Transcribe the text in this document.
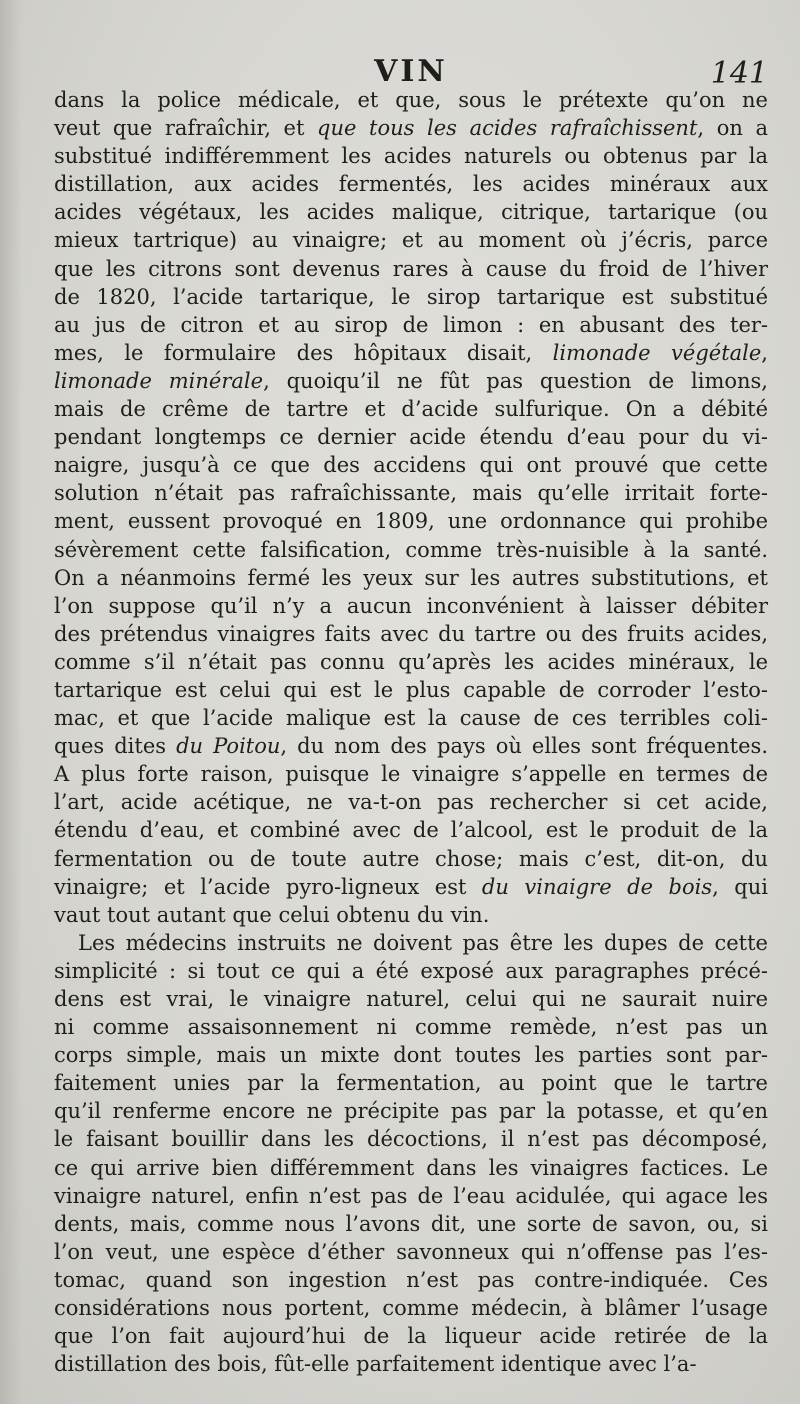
VIN	141
dans la police médicale, et que, sous le prétexte qu’on ne
veut que rafraîchir, et que tous les acides rafraîchissent, on a
substitué indifféremment les acides naturels ou obtenus par la
distillation, aux acides fermentés, les acides minéraux aux
acides végétaux, les acides malique, citrique, tartarique (ou
mieux tartrique) au vinaigre; et au moment où j’écris, parce
que les citrons sont devenus rares à cause du froid de l’hiver
de 1820, l’acide tartarique, le sirop tartarique est substitué
au jus de citron et au sirop de limon : en abusant des ter-
mes, le formulaire des hôpitaux disait, limonade végétale,
limonade minérale, quoiqu’il ne fût pas question de limons,
mais de crême de tartre et d’acide sulfurique. On a débité
pendant longtemps ce dernier acide étendu d’eau pour du vi-
naigre, jusqu’à ce que des accidens qui ont prouvé que cette
solution n’était pas rafraîchissante, mais qu’elle irritait forte-
ment, eussent provoqué en 1809, une ordonnance qui prohibe
sévèrement cette falsification, comme très-nuisible à la santé.
On a néanmoins fermé les yeux sur les autres substitutions, et
l’on suppose qu’il n’y a aucun inconvénient à laisser débiter
des prétendus vinaigres faits avec du tartre ou des fruits acides,
comme s’il n’était pas connu qu’après les acides minéraux, le
tartarique est celui qui est le plus capable de corroder l’esto-
mac, et que l’acide malique est la cause de ces terribles coli-
ques dites du Poitou, du nom des pays où elles sont fréquentes.
A plus forte raison, puisque le vinaigre s’appelle en termes de
l’art, acide acétique, ne va-t-on pas rechercher si cet acide,
étendu d’eau, et combiné avec de l’alcool, est le produit de la
fermentation ou de toute autre chose; mais c’est, dit-on, du
vinaigre; et l’acide pyro-ligneux est du vinaigre de bois, qui
vaut tout autant que celui obtenu du vin.
Les médecins instruits ne doivent pas être les dupes de cette
simplicité : si tout ce qui a été exposé aux paragraphes précé-
dens est vrai, le vinaigre naturel, celui qui ne saurait nuire
ni comme assaisonnement ni comme remède, n’est pas un
corps simple, mais un mixte dont toutes les parties sont par-
faitement unies par la fermentation, au point que le tartre
qu’il renferme encore ne précipite pas par la potasse, et qu’en
le faisant bouillir dans les décoctions, il n’est pas décomposé,
ce qui arrive bien différemment dans les vinaigres factices. Le
vinaigre naturel, enfin n’est pas de l’eau acidulée, qui agace les
dents, mais, comme nous l’avons dit, une sorte de savon, ou, si
l’on veut, une espèce d’éther savonneux qui n’offense pas l’es-
tomac, quand son ingestion n’est pas contre-indiquée. Ces
considérations nous portent, comme médecin, à blâmer l’usage
que l’on fait aujourd’hui de la liqueur acide retirée de la
distillation des bois, fût-elle parfaitement identique avec l’a-
